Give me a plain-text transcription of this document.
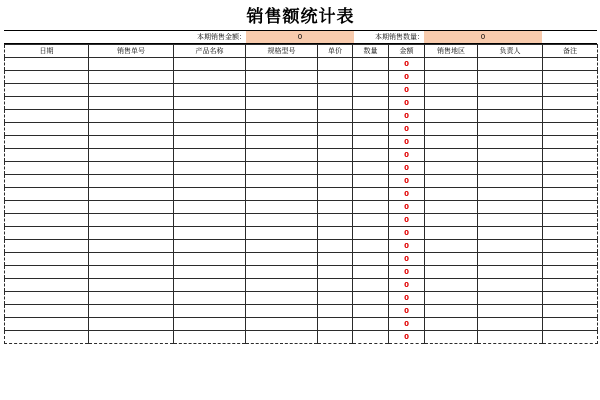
销售额统计表
本期销售金额：	0	本期销售数量：	0
日期	销售单号	产品名称	规格型号	单价	数量	金额	销售地区	负责人	备注
						0			
						0			
						0			
						0			
						0			
						0			
						0			
						0			
						0			
						0			
						0			
						0			
						0			
						0			
						0			
						0			
						0			
						0			
						0			
						0			
						0			
						0			
